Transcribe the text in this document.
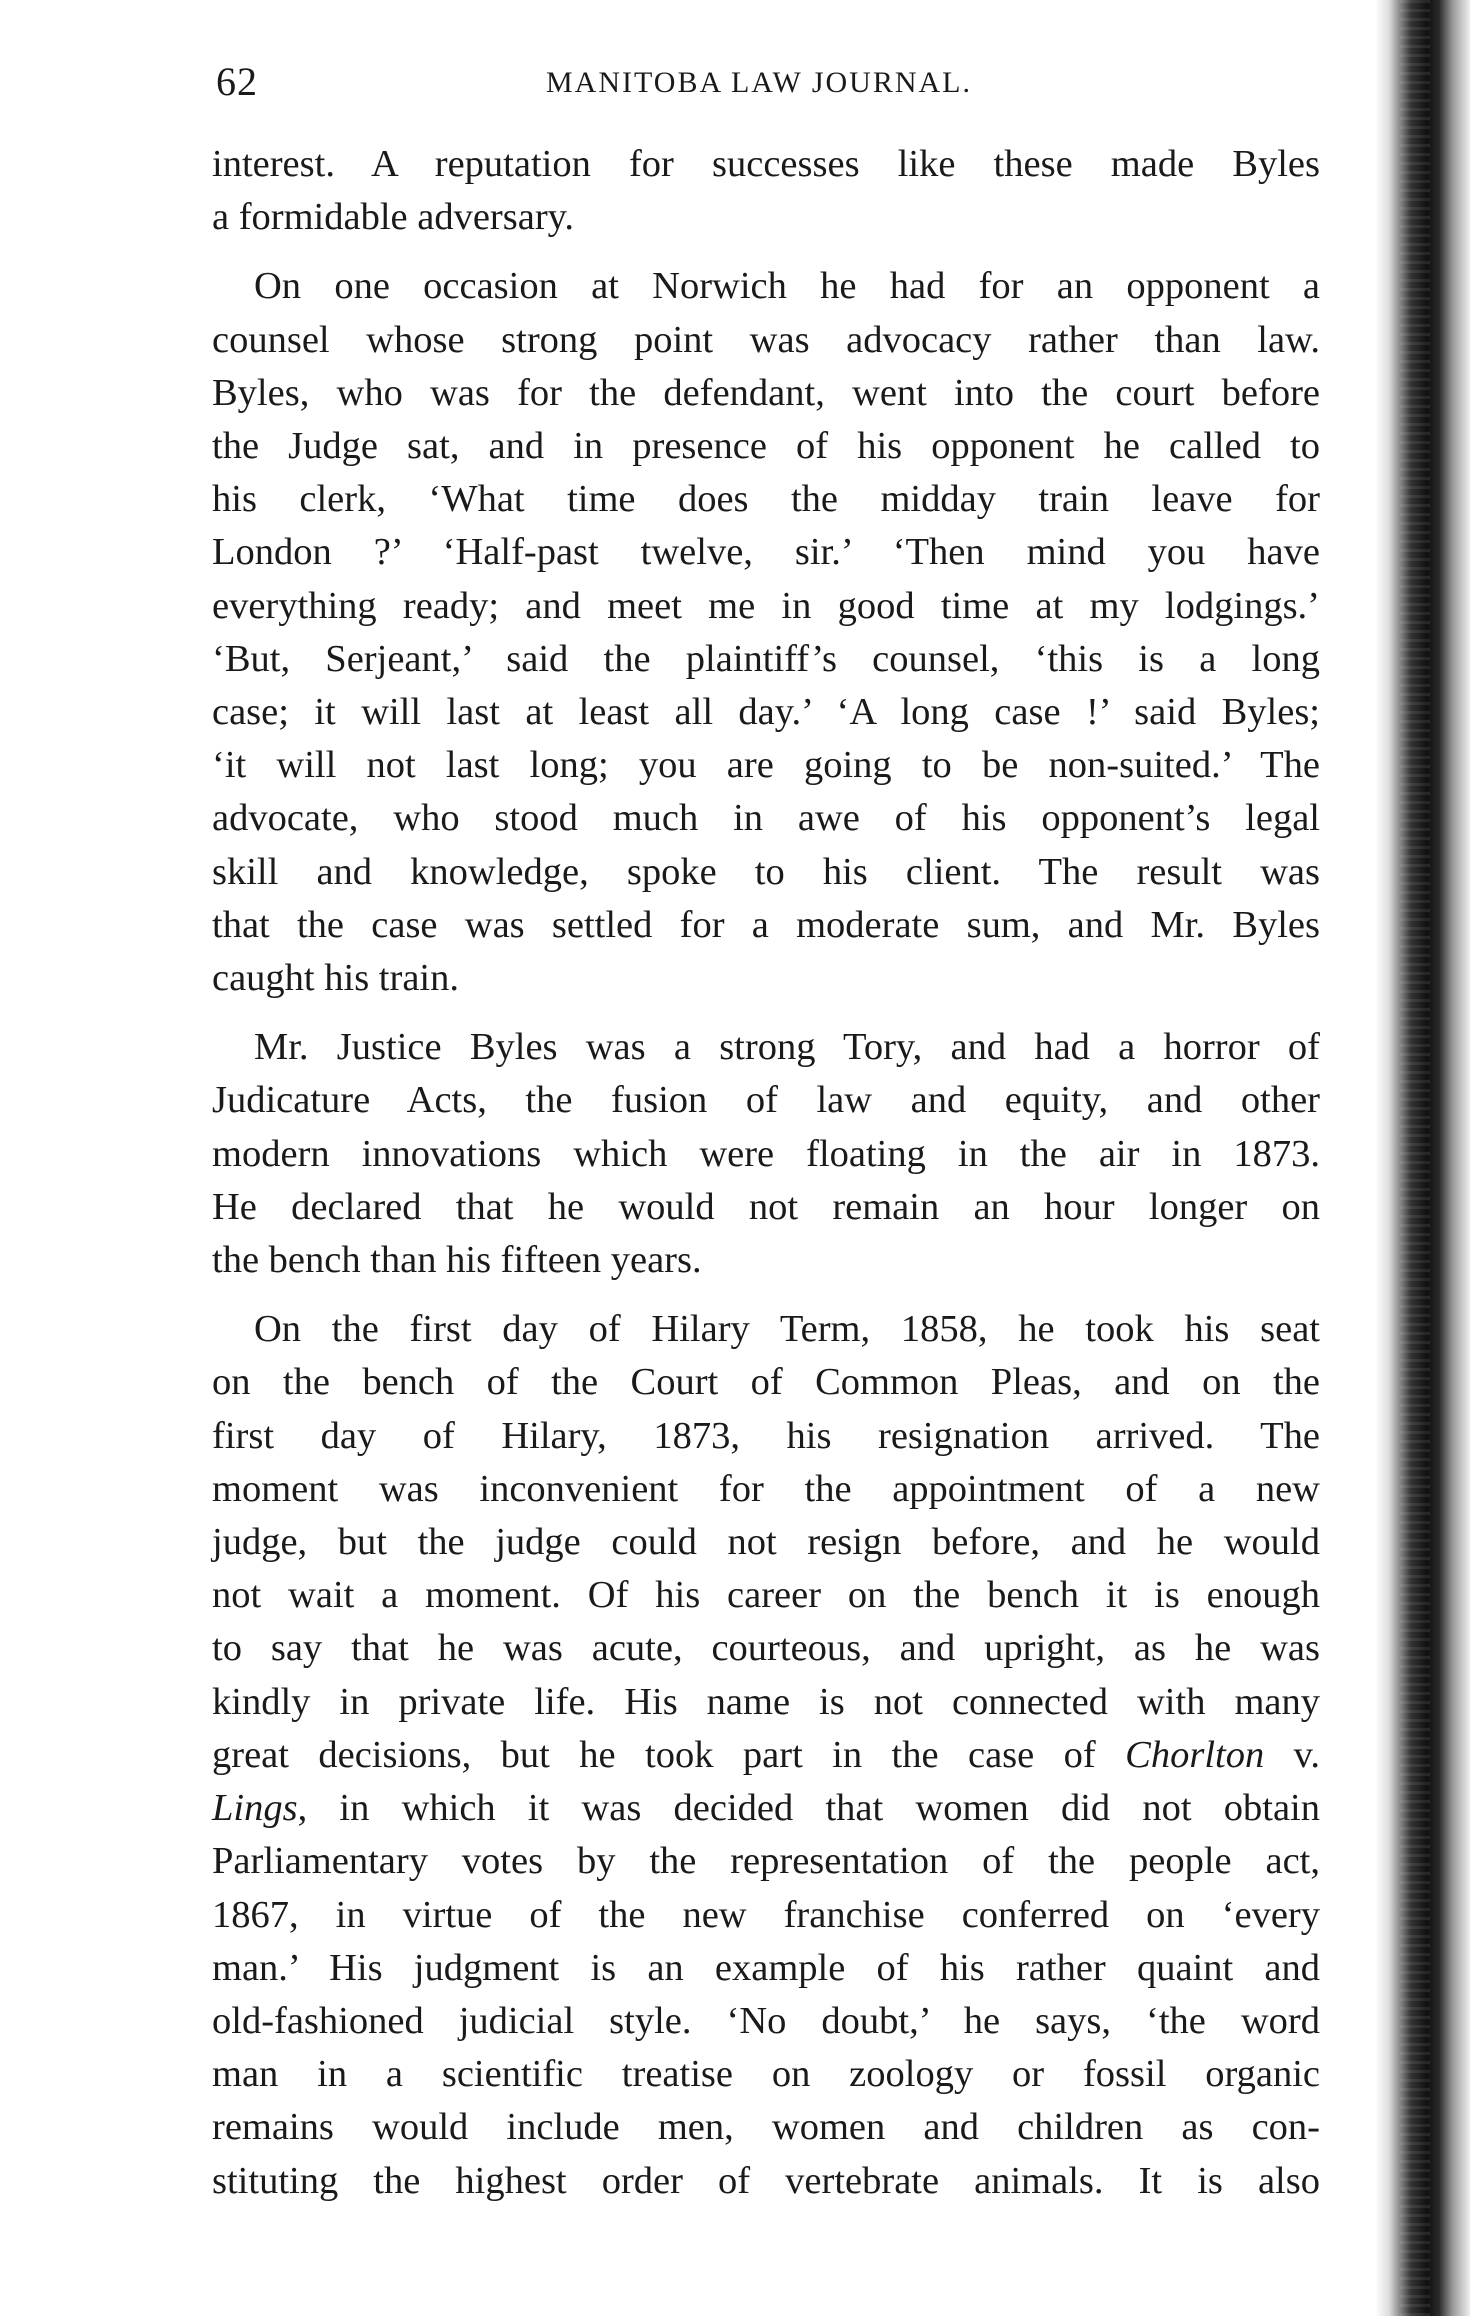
62	MANITOBA LAW JOURNAL.

interest. A reputation for successes like these made Byles
a formidable adversary.

On one occasion at Norwich he had for an opponent a
counsel whose strong point was advocacy rather than law.
Byles, who was for the defendant, went into the court before
the Judge sat, and in presence of his opponent he called to
his clerk, ‘What time does the midday train leave for
London ?’ ‘Half-past twelve, sir.’ ‘Then mind you have
everything ready; and meet me in good time at my lodgings.’
‘But, Serjeant,’ said the plaintiff’s counsel, ‘this is a long
case; it will last at least all day.’ ‘A long case !’ said Byles;
‘it will not last long; you are going to be non-suited.’ The
advocate, who stood much in awe of his opponent’s legal
skill and knowledge, spoke to his client. The result was
that the case was settled for a moderate sum, and Mr. Byles
caught his train.

Mr. Justice Byles was a strong Tory, and had a horror of
Judicature Acts, the fusion of law and equity, and other
modern innovations which were floating in the air in 1873.
He declared that he would not remain an hour longer on
the bench than his fifteen years.

On the first day of Hilary Term, 1858, he took his seat
on the bench of the Court of Common Pleas, and on the
first day of Hilary, 1873, his resignation arrived. The
moment was inconvenient for the appointment of a new
judge, but the judge could not resign before, and he would
not wait a moment. Of his career on the bench it is enough
to say that he was acute, courteous, and upright, as he was
kindly in private life. His name is not connected with many
great decisions, but he took part in the case of Chorlton v.
Lings, in which it was decided that women did not obtain
Parliamentary votes by the representation of the people act,
1867, in virtue of the new franchise conferred on ‘every
man.’ His judgment is an example of his rather quaint and
old-fashioned judicial style. ‘No doubt,’ he says, ‘the word
man in a scientific treatise on zoology or fossil organic
remains would include men, women and children as con-
stituting the highest order of vertebrate animals. It is also
